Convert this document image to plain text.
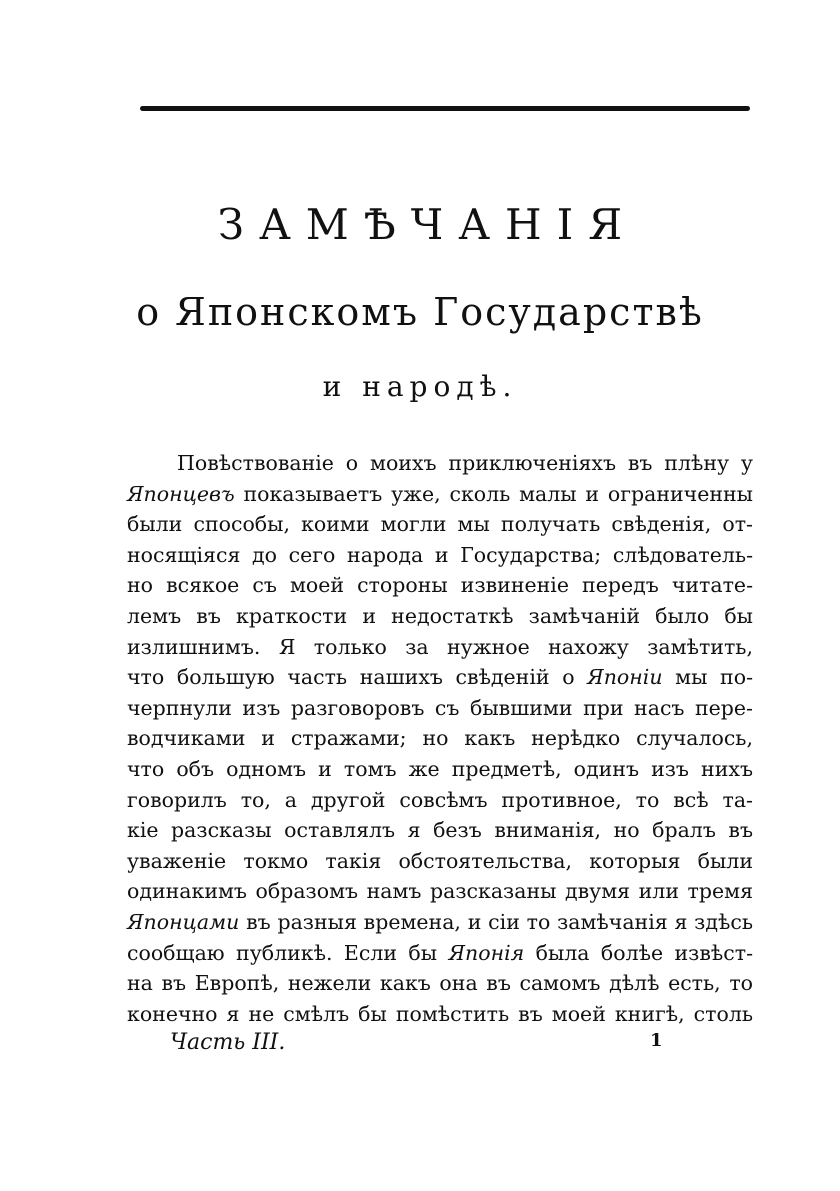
ЗАМѢЧАНІЯ
о Японскомъ Государствѣ
и народѣ.
Повѣствованіе о моихъ приключеніяхъ въ плѣну у
Японцевъ показываетъ уже, сколь малы и ограниченны
были способы, коими могли мы получать свѣденія, от-
носящіяся до сего народа и Государства; слѣдователь-
но всякое съ моей стороны извиненіе передъ читате-
лемъ въ краткости и недостаткѣ замѣчаній было бы
излишнимъ. Я только за нужное нахожу замѣтить,
что большую часть нашихъ свѣденій о Японіи мы по-
черпнули изъ разговоровъ съ бывшими при насъ пере-
водчиками и стражами; но какъ нерѣдко случалось,
что объ одномъ и томъ же предметѣ, одинъ изъ нихъ
говорилъ то, а другой совсѣмъ противное, то всѣ та-
кіе разсказы оставлялъ я безъ вниманія, но бралъ въ
уваженіе токмо такія обстоятельства, которыя были
одинакимъ образомъ намъ разсказаны двумя или тремя
Японцами въ разныя времена, и сіи то замѣчанія я здѣсь
сообщаю публикѣ. Если бы Японія была болѣе извѣст-
на въ Европѣ, нежели какъ она въ самомъ дѣлѣ есть, то
конечно я не смѣлъ бы помѣстить въ моей книгѣ, столь
Часть III.	1
